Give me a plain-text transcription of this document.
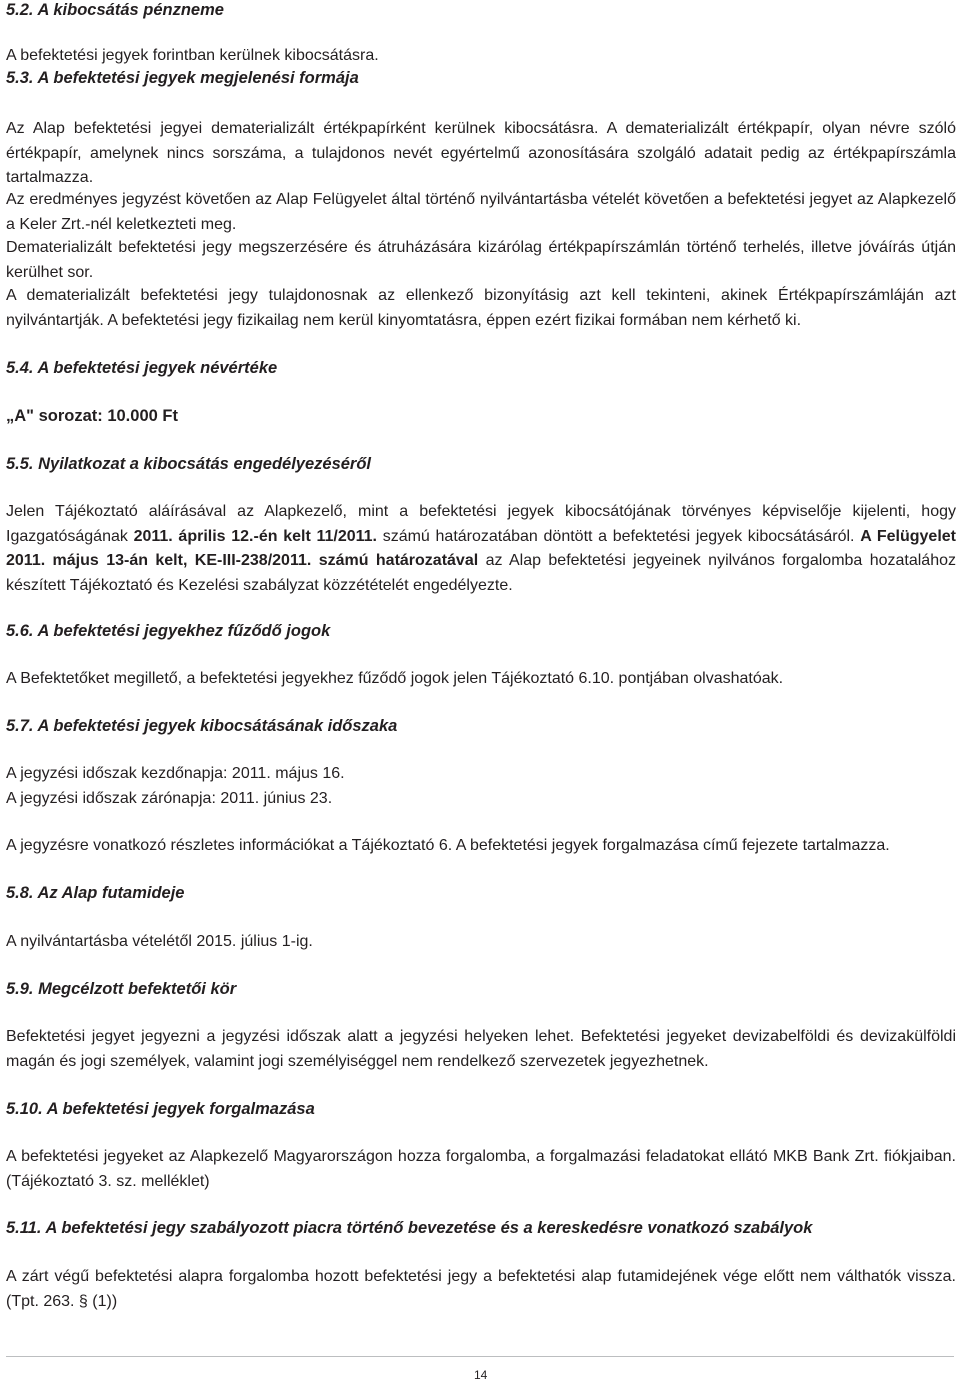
5.2. A kibocsátás pénzneme
A befektetési jegyek forintban kerülnek kibocsátásra.
5.3. A befektetési jegyek megjelenési formája
Az Alap befektetési jegyei dematerializált értékpapírként kerülnek kibocsátásra. A dematerializált értékpapír, olyan névre szóló értékpapír, amelynek nincs sorszáma, a tulajdonos nevét egyértelmű azonosítására szolgáló adatait pedig az értékpapírszámla tartalmazza.
Az eredményes jegyzést követően az Alap Felügyelet által történő nyilvántartásba vételét követően a befektetési jegyet az Alapkezelő a Keler Zrt.-nél keletkezteti meg.
Dematerializált befektetési jegy megszerzésére és átruházására kizárólag értékpapírszámlán történő terhelés, illetve jóváírás útján kerülhet sor.
A dematerializált befektetési jegy tulajdonosnak az ellenkező bizonyításig azt kell tekinteni, akinek Értékpapírszámláján azt nyilvántartják. A befektetési jegy fizikailag nem kerül kinyomtatásra, éppen ezért fizikai formában nem kérhető ki.
5.4. A befektetési jegyek névértéke
„A" sorozat: 10.000 Ft
5.5. Nyilatkozat a kibocsátás engedélyezéséről
Jelen Tájékoztató aláírásával az Alapkezelő, mint a befektetési jegyek kibocsátójának törvényes képviselője kijelenti, hogy Igazgatóságának 2011. április 12.-én kelt 11/2011. számú határozatában döntött a befektetési jegyek kibocsátásáról. A Felügyelet 2011. május 13-án kelt, KE-III-238/2011. számú határozatával az Alap befektetési jegyeinek nyilvános forgalomba hozatalához készített Tájékoztató és Kezelési szabályzat közzétételét engedélyezte.
5.6. A befektetési jegyekhez fűződő jogok
A Befektetőket megillető, a befektetési jegyekhez fűződő jogok jelen Tájékoztató 6.10. pontjában olvashatóak.
5.7. A befektetési jegyek kibocsátásának időszaka
A jegyzési időszak kezdőnapja: 2011. május 16.
A jegyzési időszak zárónapja: 2011. június 23.
A jegyzésre vonatkozó részletes információkat a Tájékoztató 6. A befektetési jegyek forgalmazása című fejezete tartalmazza.
5.8. Az Alap futamideje
A nyilvántartásba vételétől 2015. július 1-ig.
5.9. Megcélzott befektetői kör
Befektetési jegyet jegyezni a jegyzési időszak alatt a jegyzési helyeken lehet. Befektetési jegyeket devizabelföldi és devizakülföldi magán és jogi személyek, valamint jogi személyiséggel nem rendelkező szervezetek jegyezhetnek.
5.10. A befektetési jegyek forgalmazása
A befektetési jegyeket az Alapkezelő Magyarországon hozza forgalomba, a forgalmazási feladatokat ellátó MKB Bank Zrt. fiókjaiban. (Tájékoztató 3. sz. melléklet)
5.11. A befektetési jegy szabályozott piacra történő bevezetése és a kereskedésre vonatkozó szabályok
A zárt végű befektetési alapra forgalomba hozott befektetési jegy a befektetési alap futamidejének vége előtt nem válthatók vissza. (Tpt. 263. § (1))
14
